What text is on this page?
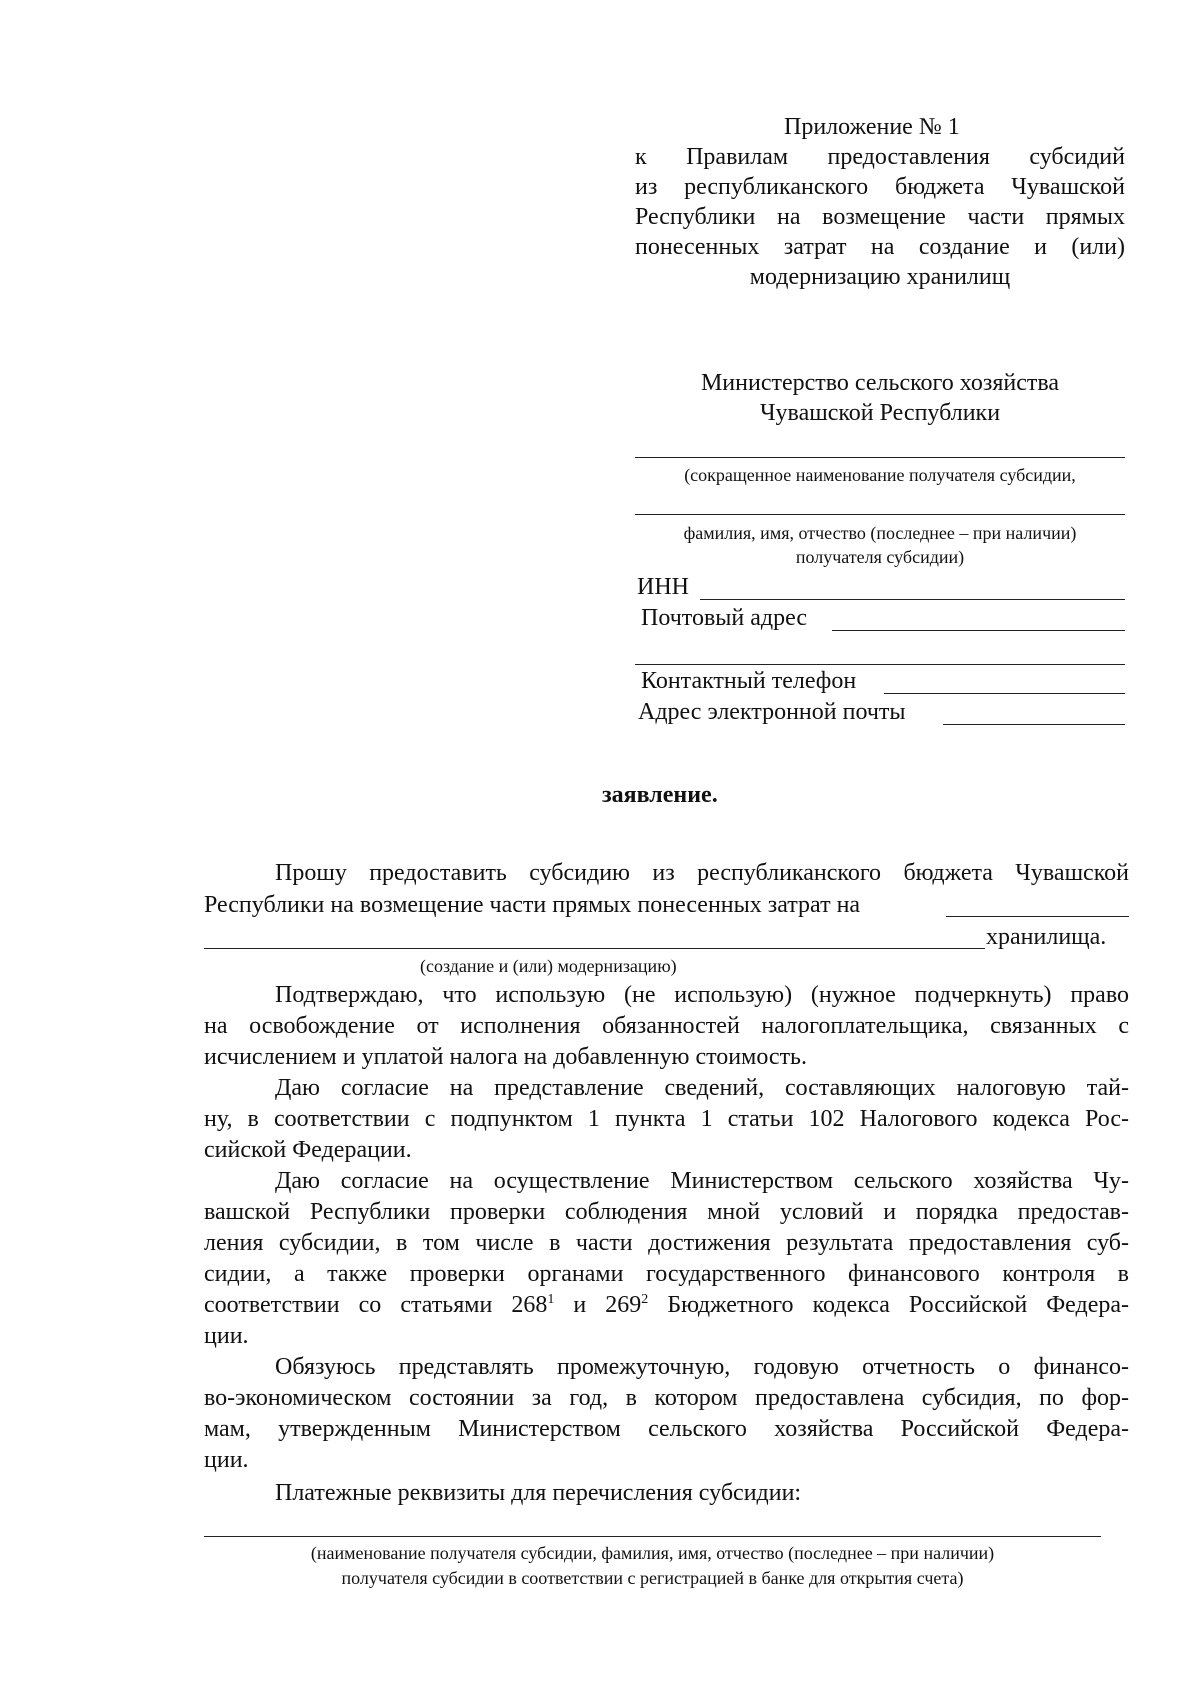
Приложение № 1
к Правилам предоставления субсидий
из республиканского бюджета Чувашской
Республики на возмещение части прямых
понесенных затрат на создание и (или)
модернизацию хранилищ
Министерство сельского хозяйства
Чувашской Республики
(сокращенное наименование получателя субсидии,
фамилия, имя, отчество (последнее – при наличии)
получателя субсидии)
ИНН
Почтовый адрес
Контактный телефон
Адрес электронной почты
заявление.
Прошу предоставить субсидию из республиканского бюджета Чувашской
Республики на возмещение части прямых понесенных затрат на
хранилища.
(создание и (или) модернизацию)
Подтверждаю, что использую (не использую) (нужное подчеркнуть) право
на освобождение от исполнения обязанностей налогоплательщика, связанных с
исчислением и уплатой налога на добавленную стоимость.
Даю согласие на представление сведений, составляющих налоговую тай-
ну, в соответствии с подпунктом 1 пункта 1 статьи 102 Налогового кодекса Рос-
сийской Федерации.
Даю согласие на осуществление Министерством сельского хозяйства Чу-
вашской Республики проверки соблюдения мной условий и порядка предостав-
ления субсидии, в том числе в части достижения результата предоставления суб-
сидии, а также проверки органами государственного финансового контроля в
соответствии со статьями $268^1$ и $269^2$ Бюджетного кодекса Российской Федера-
ции.
Обязуюсь представлять промежуточную, годовую отчетность о финансо-
во-экономическом состоянии за год, в котором предоставлена субсидия, по фор-
мам, утвержденным Министерством сельского хозяйства Российской Федера-
ции.
Платежные реквизиты для перечисления субсидии:
(наименование получателя субсидии, фамилия, имя, отчество (последнее – при наличии)
получателя субсидии в соответствии с регистрацией в банке для открытия счета)
